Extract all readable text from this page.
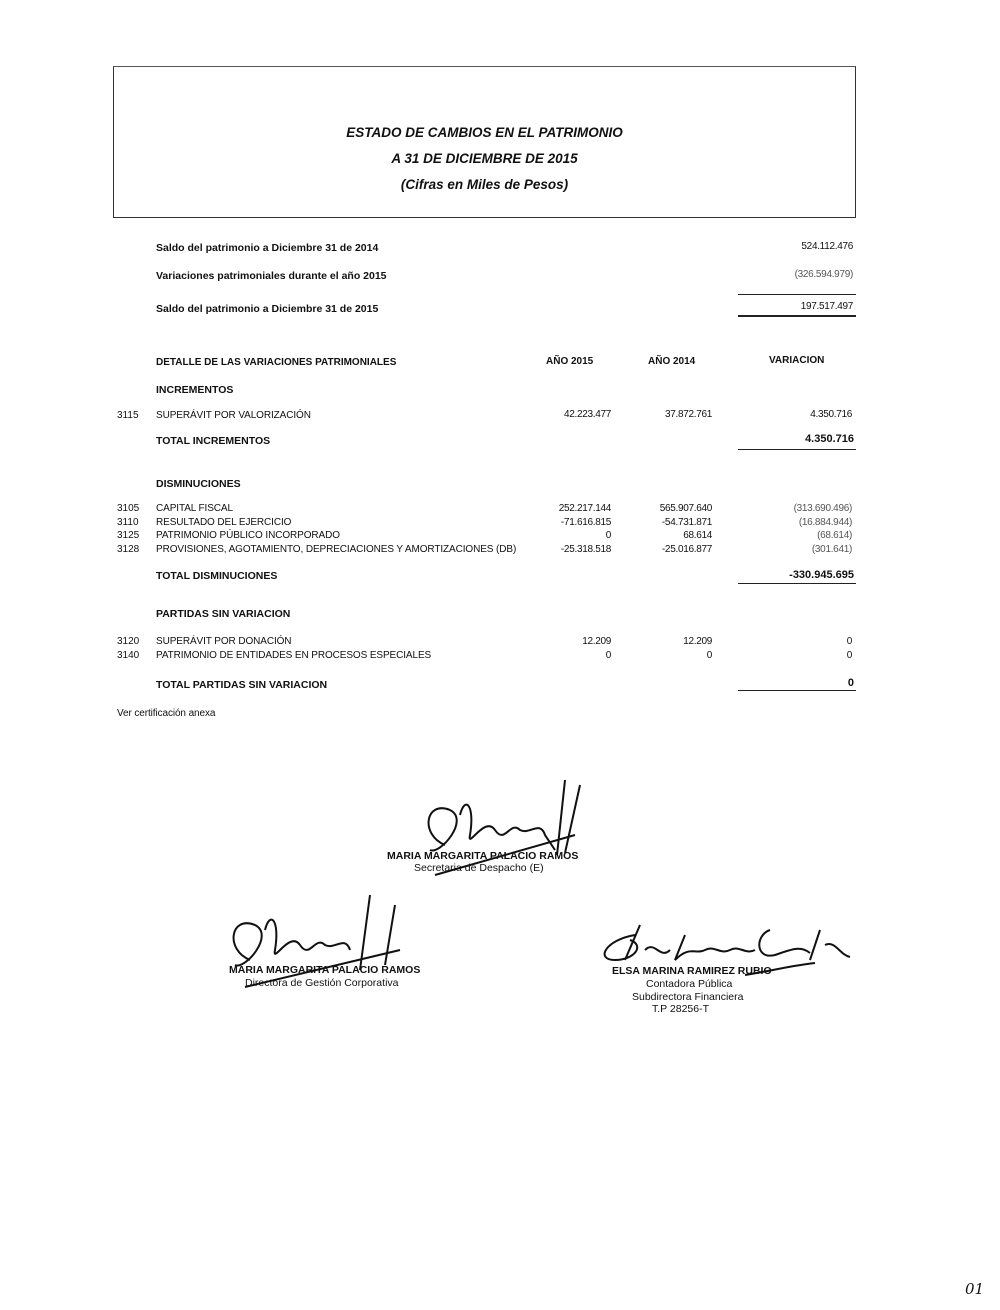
ESTADO DE CAMBIOS EN EL PATRIMONIO
A 31 DE DICIEMBRE DE 2015
(Cifras en Miles de Pesos)
Saldo del patrimonio a Diciembre 31 de 2014	524.112.476
Variaciones patrimoniales durante el año 2015	(326.594.979)
Saldo del patrimonio a Diciembre 31 de 2015	197.517.497
DETALLE DE LAS VARIACIONES PATRIMONIALES	AÑO 2015	AÑO 2014	VARIACION
INCREMENTOS
3115 SUPERÁVIT POR VALORIZACIÓN	42.223.477	37.872.761	4.350.716
TOTAL INCREMENTOS	4.350.716
DISMINUCIONES
3105 CAPITAL FISCAL	252.217.144	565.907.640	(313.690.496)
3110 RESULTADO DEL EJERCICIO	-71.616.815	-54.731.871	(16.884.944)
3125 PATRIMONIO PÚBLICO INCORPORADO	0	68.614	(68.614)
3128 PROVISIONES, AGOTAMIENTO, DEPRECIACIONES Y AMORTIZACIONES (DB)	-25.318.518	-25.016.877	(301.641)
TOTAL DISMINUCIONES	-330.945.695
PARTIDAS SIN VARIACION
3120 SUPERÁVIT POR DONACIÓN	12.209	12.209	0
3140 PATRIMONIO DE ENTIDADES EN PROCESOS ESPECIALES	0	0	0
TOTAL PARTIDAS SIN VARIACION	0
Ver certificación anexa
MARIA MARGARITA PALACIO RAMOS
Secretaria de Despacho (E)
MARIA MARGARITA PALACIO RAMOS
Directora de Gestión Corporativa
ELSA MARINA RAMIREZ RUBIO
Contadora Pública
Subdirectora Financiera
T.P 28256-T
01
